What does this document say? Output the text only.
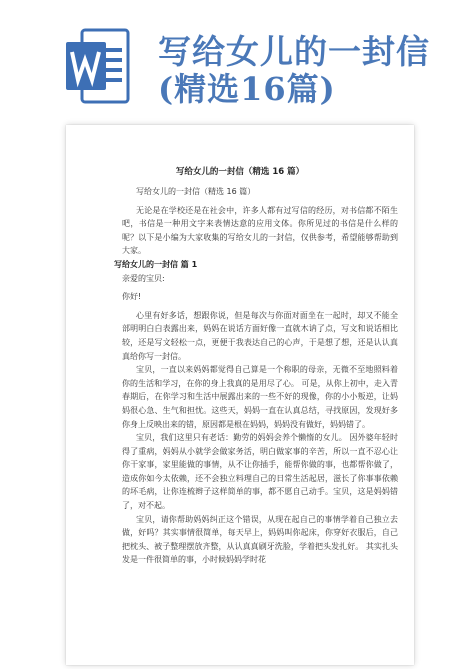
写给女儿的一封信
(精选16篇)
写给女儿的一封信（精选 16 篇）

写给女儿的一封信（精选 16 篇）

无论是在学校还是在社会中，许多人都有过写信的经历，对书信都不陌生吧，书信是一种用文字来表情达意的应用文体。你所见过的书信是什么样的呢？以下是小编为大家收集的写给女儿的一封信，仅供参考，希望能够帮助到大家。

写给女儿的一封信 篇 1

亲爱的宝贝:

你好!

心里有好多话，想跟你说，但是每次与你面对面坐在一起时，却又不能全部明明白白表露出来，妈妈在说话方面好像一直就木讷了点，写文和说话相比较，还是写文轻松一点，更便于我表达自己的心声，于是想了想，还是认认真真给你写一封信。

宝贝，一直以来妈妈都觉得自己算是一个称职的母亲，无微不至地照料着你的生活和学习，在你的身上我真的是用尽了心。 可是，从你上初中，走入青春期后，在你学习和生活中展露出来的一些不好的现像，你的小小叛逆，让妈妈很心急、生气和担忧。这些天，妈妈一直在认真总结，寻找原因，发现好多你身上反映出来的错，原因都是根在妈妈，妈妈没有做好，妈妈错了。

宝贝，我们这里只有老话：勤劳的妈妈会养个懒惰的女儿。 因外婆年轻时得了重病，妈妈从小就学会做家务活，明白做家事的辛苦，所以一直不忍心让你干家事，家里能做的事情，从不让你插手，能帮你做的事，也都帮你做了，造成你如今太依赖，还不会独立料理自己的日常生活起居，滋长了你事事依赖的坏毛病，让你连梳辫子这样简单的事，都不愿自己动手。宝贝，这是妈妈错了，对不起。

宝贝，请你帮助妈妈纠正这个错误，从现在起自己的事情学着自己独立去做，好吗？其实事情很简单，每天早上，妈妈叫你起床，你穿好衣服后，自己把枕头、被子整理摆放齐整，从认真真刷牙洗脸，学着把头发扎好。 其实扎头发是一件很简单的事，小时候妈妈学时花
